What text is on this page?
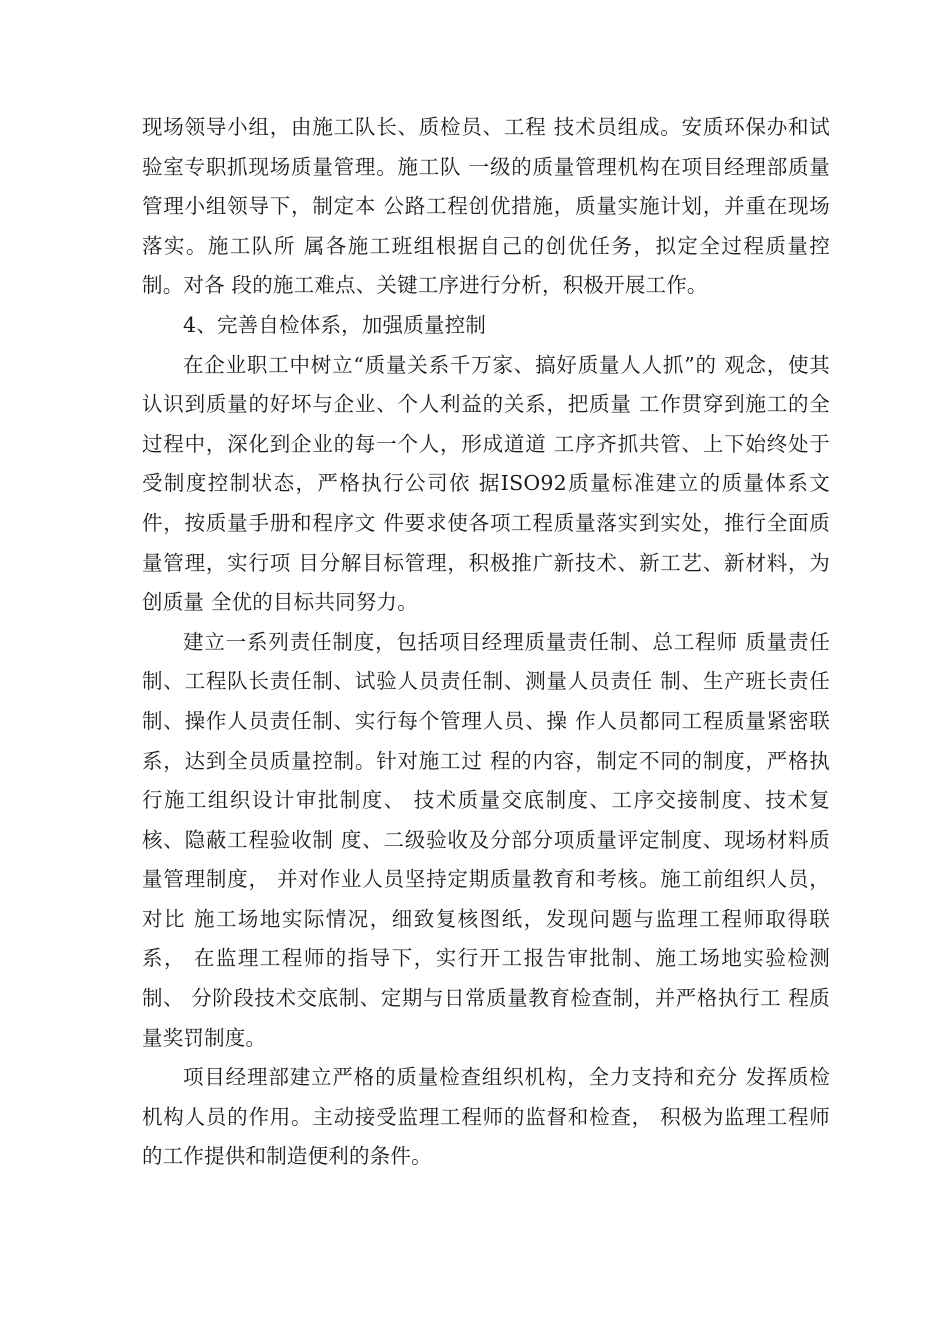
现场领导小组，由施工队长、质检员、工程 技术员组成。安质环保办和试验室专职抓现场质量管理。施工队 一级的质量管理机构在项目经理部质量管理小组领导下，制定本 公路工程创优措施，质量实施计划，并重在现场落实。施工队所 属各施工班组根据自己的创优任务，拟定全过程质量控制。对各 段的施工难点、关键工序进行分析，积极开展工作。

4、完善自检体系，加强质量控制

在企业职工中树立“质量关系千万家、搞好质量人人抓”的 观念，使其认识到质量的好坏与企业、个人利益的关系，把质量 工作贯穿到施工的全过程中，深化到企业的每一个人，形成道道 工序齐抓共管、上下始终处于受制度控制状态，严格执行公司依 据ISO92质量标准建立的质量体系文件，按质量手册和程序文 件要求使各项工程质量落实到实处，推行全面质量管理，实行项 目分解目标管理，积极推广新技术、新工艺、新材料，为创质量 全优的目标共同努力。

建立一系列责任制度，包括项目经理质量责任制、总工程师 质量责任制、工程队长责任制、试验人员责任制、测量人员责任 制、生产班长责任制、操作人员责任制、实行每个管理人员、操 作人员都同工程质量紧密联系，达到全员质量控制。针对施工过 程的内容，制定不同的制度，严格执行施工组织设计审批制度、 技术质量交底制度、工序交接制度、技术复核、隐蔽工程验收制 度、二级验收及分部分项质量评定制度、现场材料质量管理制度， 并对作业人员坚持定期质量教育和考核。施工前组织人员，对比 施工场地实际情况，细致复核图纸，发现问题与监理工程师取得联系， 在监理工程师的指导下，实行开工报告审批制、施工场地实验检测制、 分阶段技术交底制、定期与日常质量教育检查制，并严格执行工 程质量奖罚制度。

项目经理部建立严格的质量检查组织机构，全力支持和充分 发挥质检机构人员的作用。主动接受监理工程师的监督和检查， 积极为监理工程师的工作提供和制造便利的条件。
